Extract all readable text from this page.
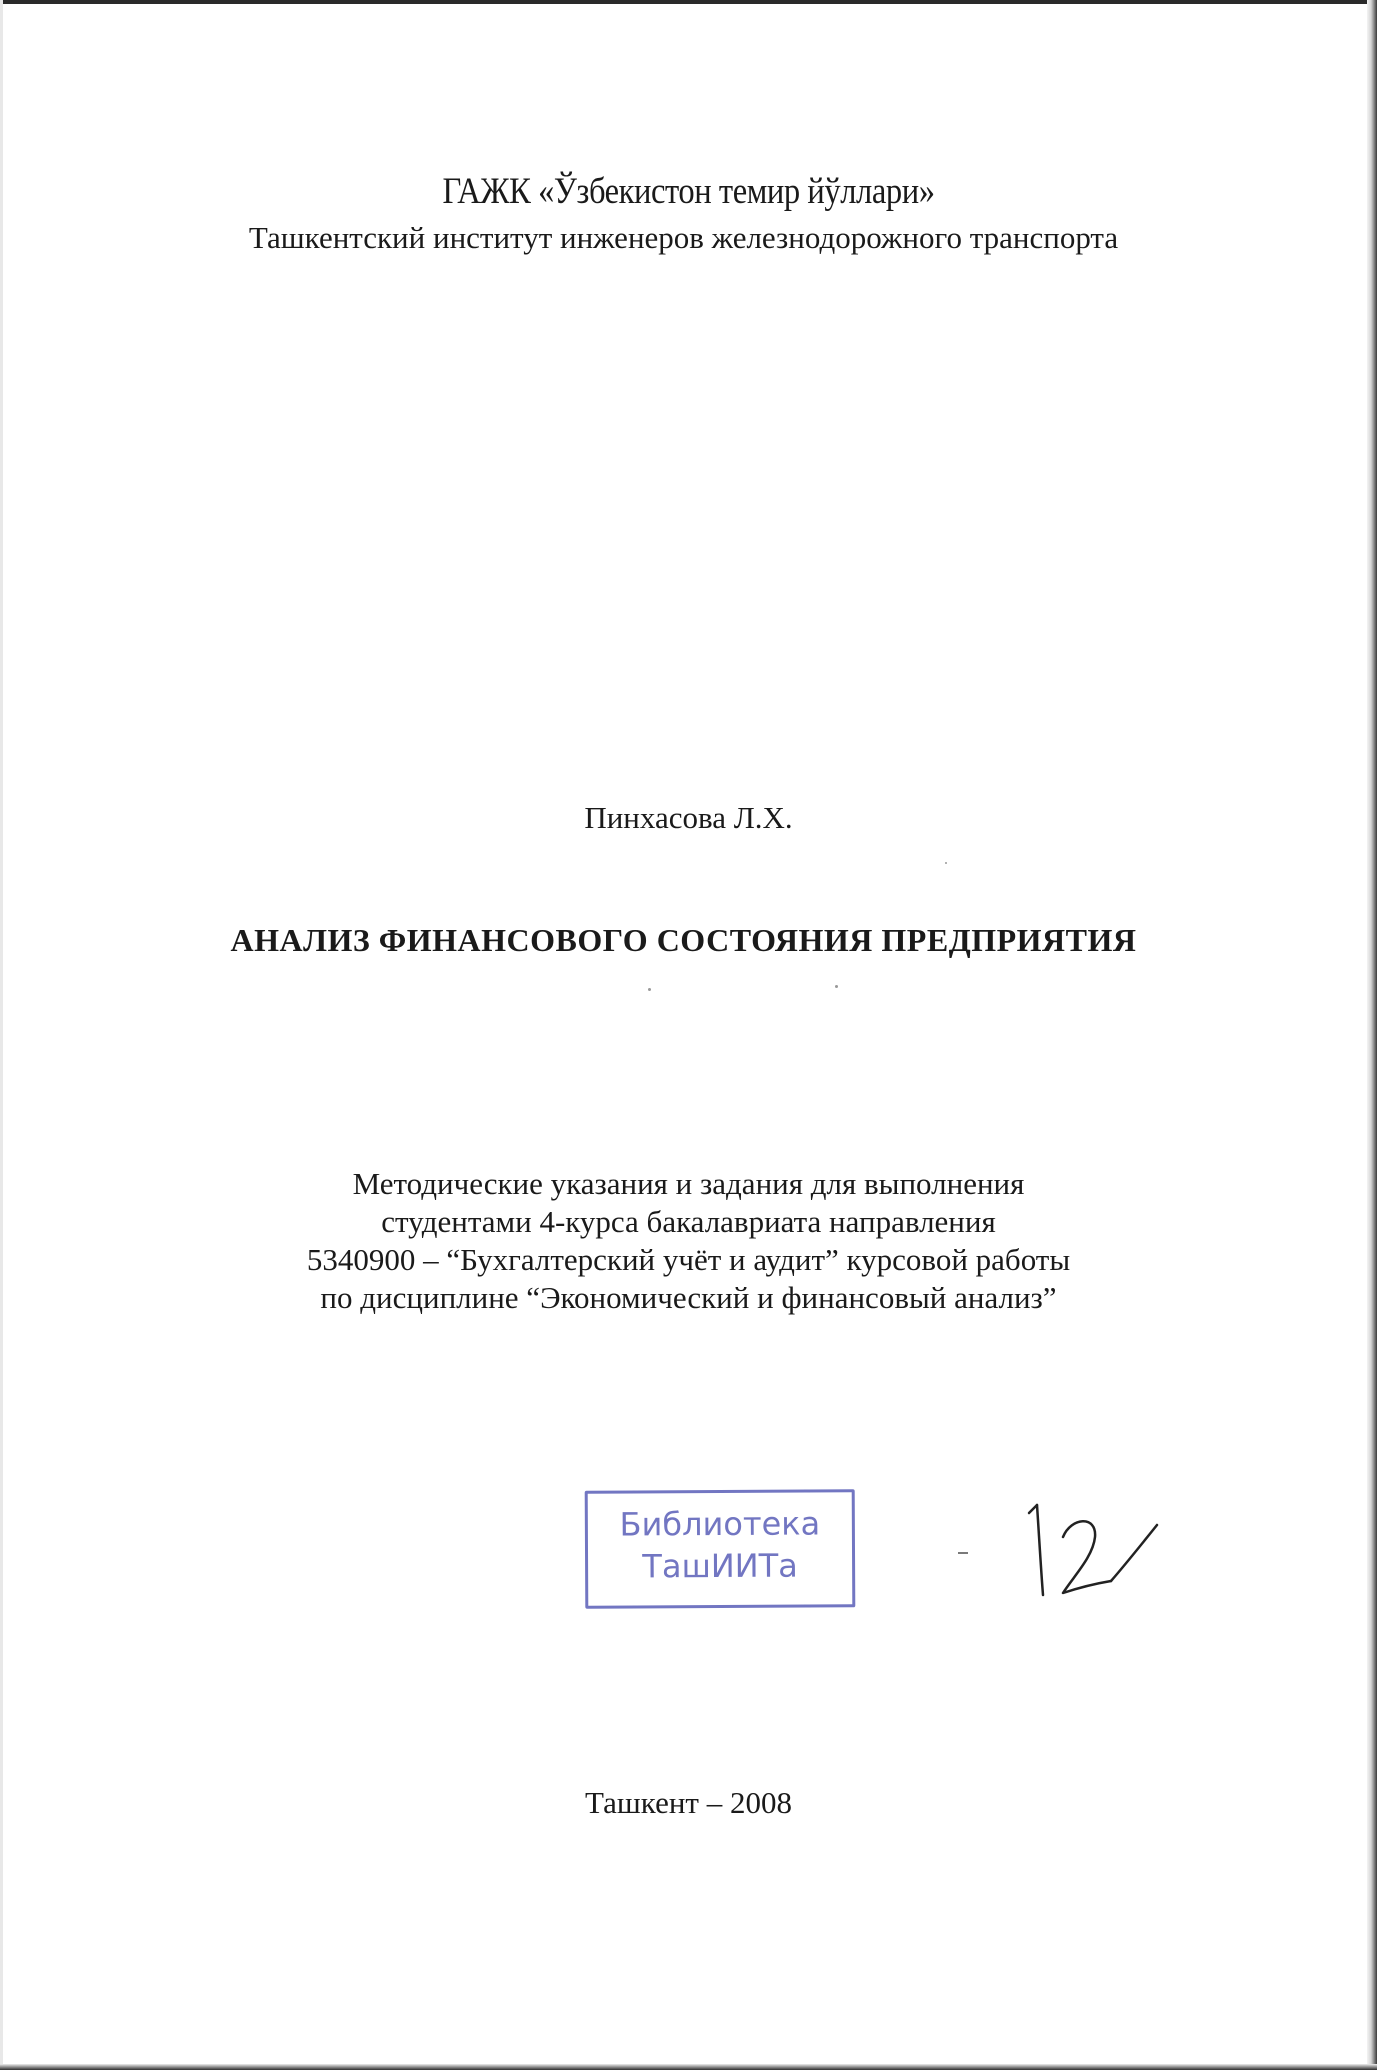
ГАЖК «Ўзбекистон темир йўллари»
Ташкентский институт инженеров железнодорожного транспорта
Пинхасова Л.Х.
АНАЛИЗ ФИНАНСОВОГО СОСТОЯНИЯ ПРЕДПРИЯТИЯ
Методические указания и задания для выполнения
студентами 4-курса бакалавриата направления
5340900 – “Бухгалтерский учёт и аудит” курсовой работы
по дисциплине “Экономический и финансовый анализ”
Библиотека
ТашИИТа
Ташкент – 2008
